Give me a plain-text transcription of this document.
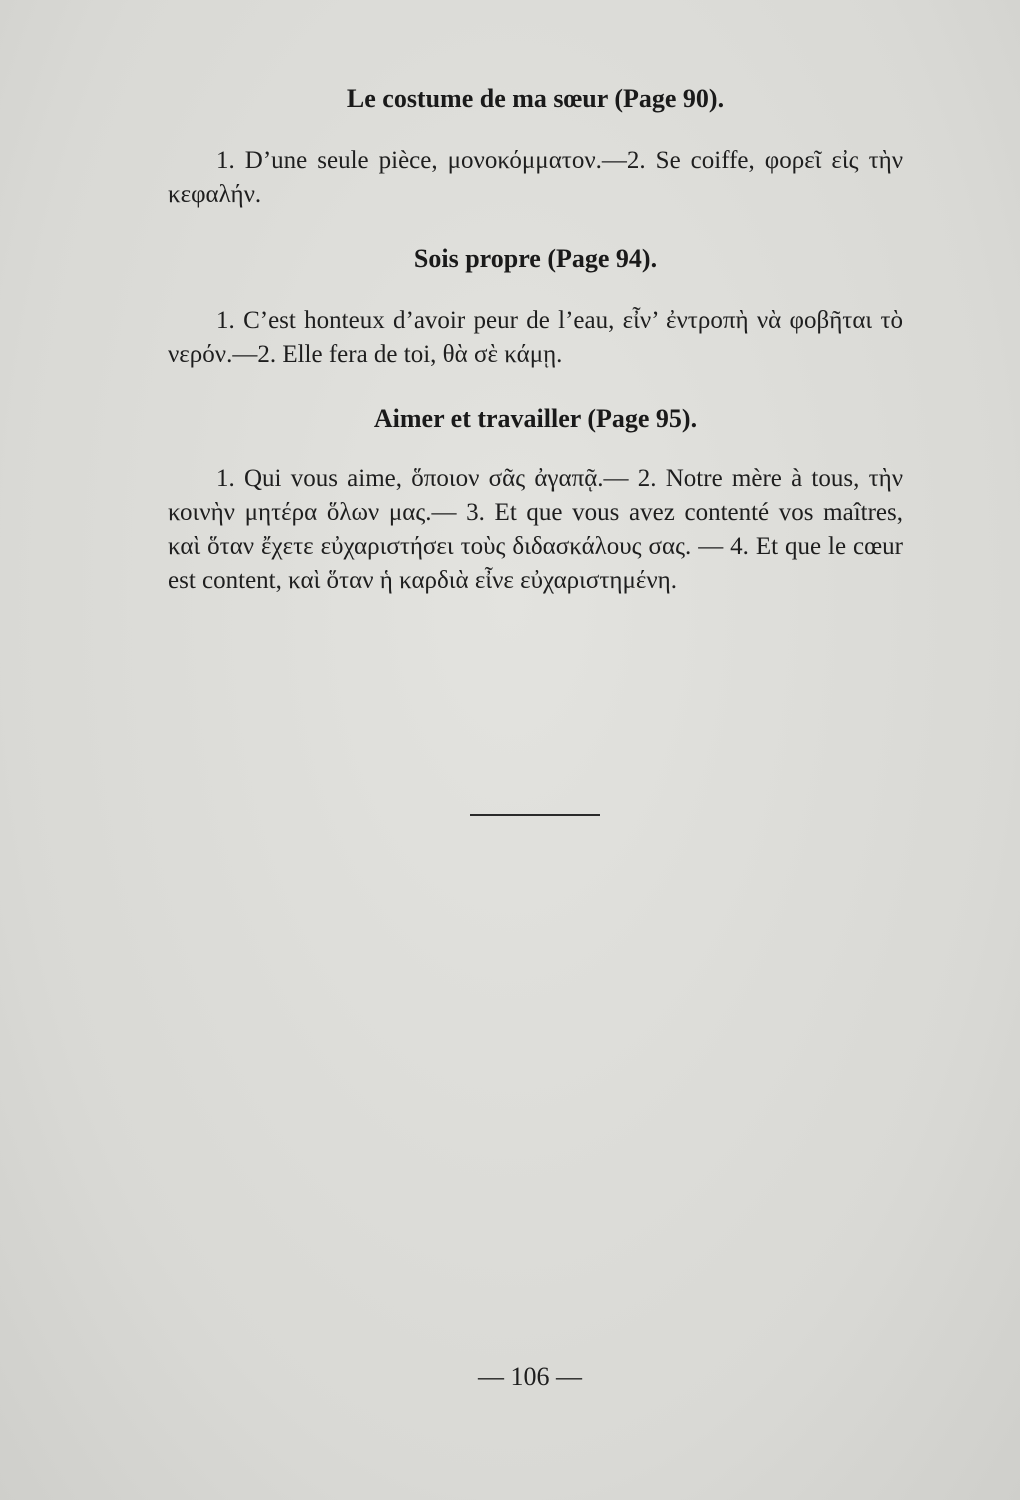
Le costume de ma sœur (Page 90).

1. D’une seule pièce, μονοκόμματον.—2. Se coiffe, φορεῖ εἰς τὴν κεφαλήν.

Sois propre (Page 94).

1. C’est honteux d’avoir peur de l’eau, εἶν’ ἐντροπὴ νὰ φοβῆται τὸ νερόν.—2. Elle fera de toi, θὰ σὲ κάμῃ.

Aimer et travailler (Page 95).

1. Qui vous aime, ὅποιον σᾶς ἀγαπᾷ.— 2. Notre mère à tous, τὴν κοινὴν μητέρα ὅλων μας.— 3. Et que vous avez contenté vos maîtres, καὶ ὅταν ἔχετε εὐχαριστήσει τοὺς διδασκάλους σας. — 4. Et que le cœur est content, καὶ ὅταν ἡ καρδιὰ εἶνε εὐχαριστημένη.

— 106 —
